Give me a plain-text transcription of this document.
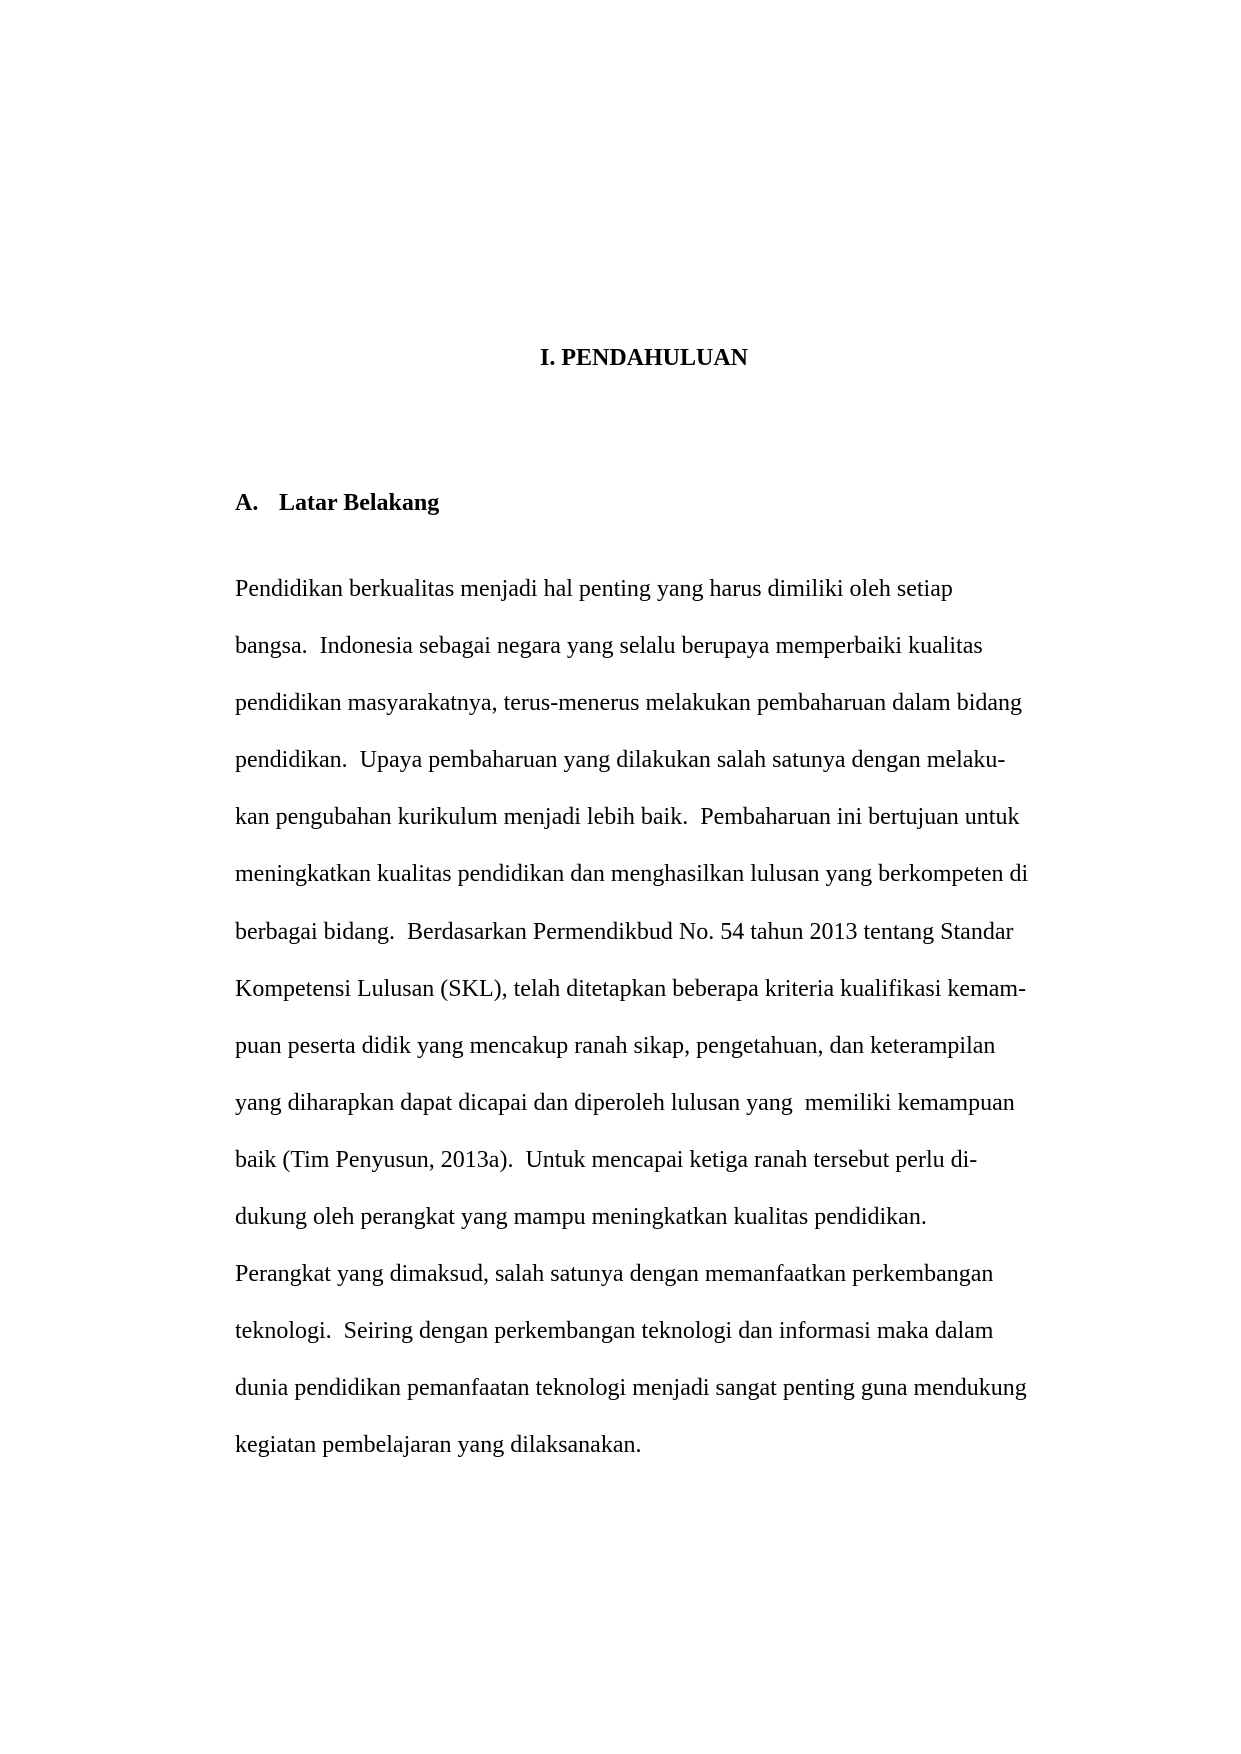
I. PENDAHULUAN
A. Latar Belakang

Pendidikan berkualitas menjadi hal penting yang harus dimiliki oleh setiap
bangsa.  Indonesia sebagai negara yang selalu berupaya memperbaiki kualitas
pendidikan masyarakatnya, terus-menerus melakukan pembaharuan dalam bidang
pendidikan.  Upaya pembaharuan yang dilakukan salah satunya dengan melaku-
kan pengubahan kurikulum menjadi lebih baik.  Pembaharuan ini bertujuan untuk
meningkatkan kualitas pendidikan dan menghasilkan lulusan yang berkompeten di
berbagai bidang.  Berdasarkan Permendikbud No. 54 tahun 2013 tentang Standar
Kompetensi Lulusan (SKL), telah ditetapkan beberapa kriteria kualifikasi kemam-
puan peserta didik yang mencakup ranah sikap, pengetahuan, dan keterampilan
yang diharapkan dapat dicapai dan diperoleh lulusan yang  memiliki kemampuan
baik (Tim Penyusun, 2013a).  Untuk mencapai ketiga ranah tersebut perlu di-
dukung oleh perangkat yang mampu meningkatkan kualitas pendidikan.
Perangkat yang dimaksud, salah satunya dengan memanfaatkan perkembangan
teknologi.  Seiring dengan perkembangan teknologi dan informasi maka dalam
dunia pendidikan pemanfaatan teknologi menjadi sangat penting guna mendukung
kegiatan pembelajaran yang dilaksanakan.
